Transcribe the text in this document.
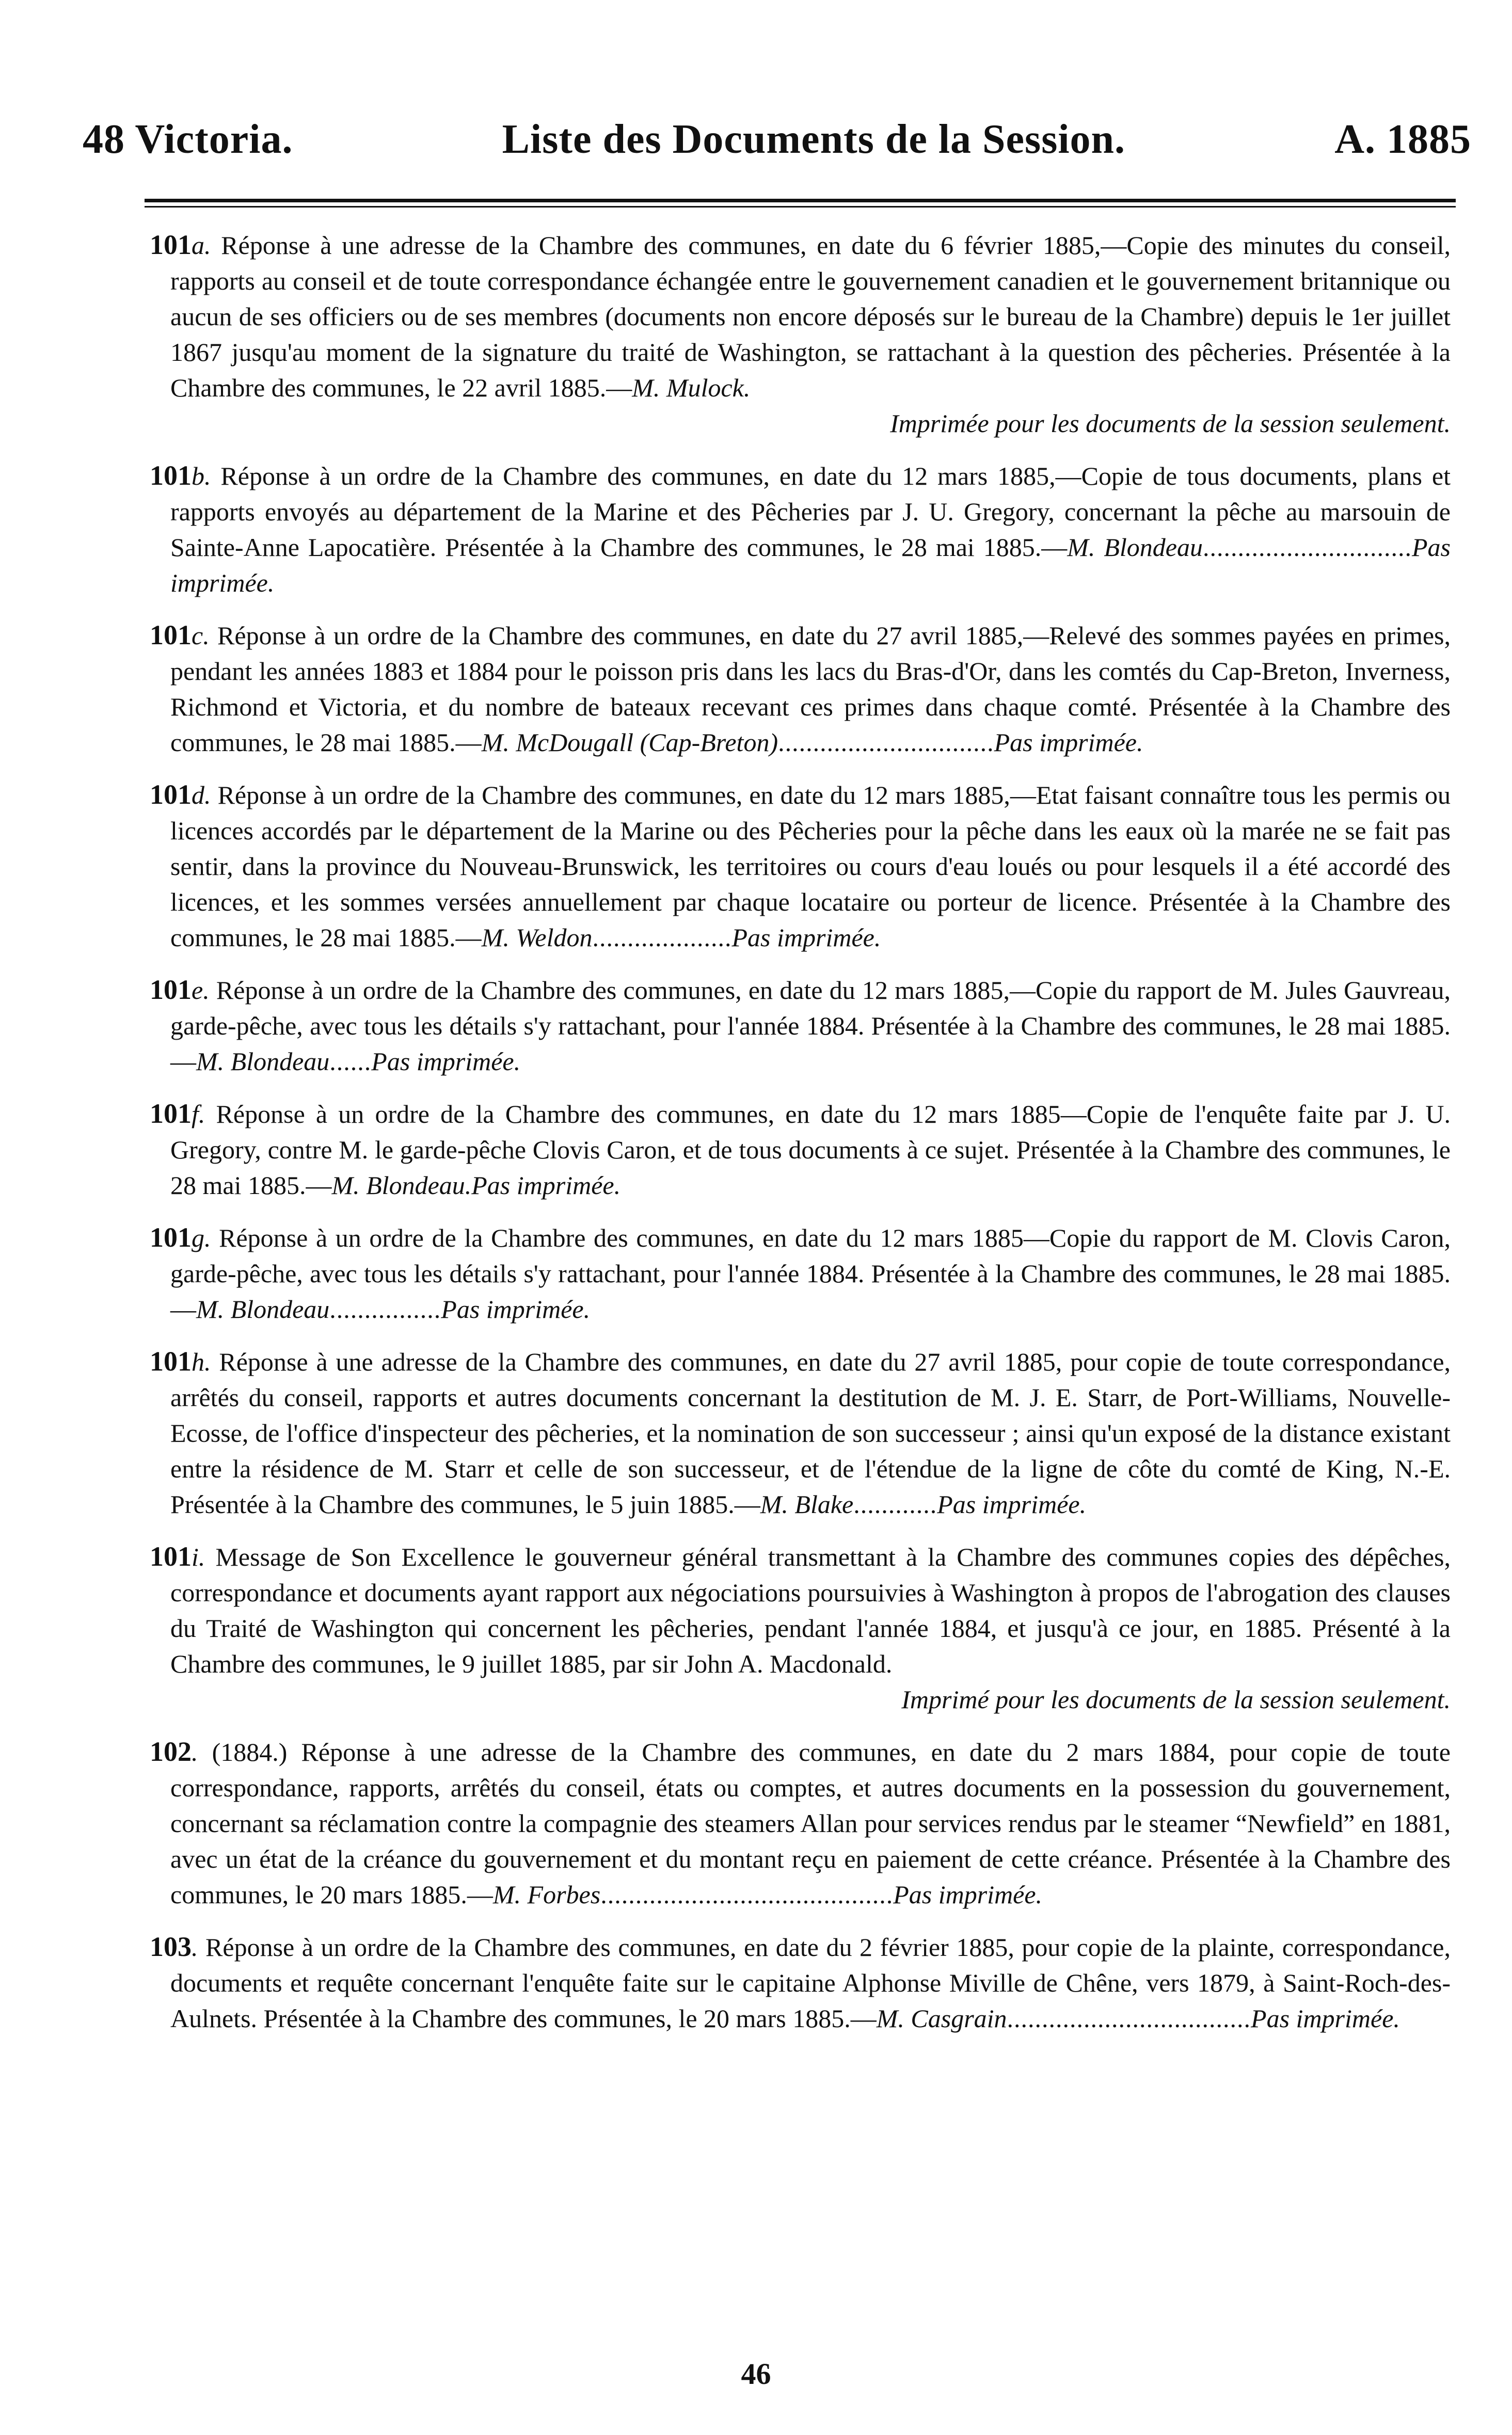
48 Victoria.	Liste des Documents de la Session.	A. 1885
101a. Réponse à une adresse de la Chambre des communes, en date du 6 février 1885,—Copie des minutes du conseil, rapports au conseil et de toute correspondance échangée entre le gouvernement canadien et le gouvernement britannique ou aucun de ses officiers ou de ses membres (documents non encore déposés sur le bureau de la Chambre) depuis le 1er juillet 1867 jusqu'au moment de la signature du traité de Washington, se rattachant à la question des pêcheries. Présentée à la Chambre des communes, le 22 avril 1885.—M. Mulock.
Imprimée pour les documents de la session seulement.
101b. Réponse à un ordre de la Chambre des communes, en date du 12 mars 1885,—Copie de tous documents, plans et rapports envoyés au département de la Marine et des Pêcheries par J. U. Gregory, concernant la pêche au marsouin de Sainte-Anne Lapocatière. Présentée à la Chambre des communes, le 28 mai 1885.—M. Blondeau..............................Pas imprimée.
101c. Réponse à un ordre de la Chambre des communes, en date du 27 avril 1885,—Relevé des sommes payées en primes, pendant les années 1883 et 1884 pour le poisson pris dans les lacs du Bras-d'Or, dans les comtés du Cap-Breton, Inverness, Richmond et Victoria, et du nombre de bateaux recevant ces primes dans chaque comté. Présentée à la Chambre des communes, le 28 mai 1885.—M. McDougall (Cap-Breton)...............................Pas imprimée.
101d. Réponse à un ordre de la Chambre des communes, en date du 12 mars 1885,—Etat faisant connaître tous les permis ou licences accordés par le département de la Marine ou des Pêcheries pour la pêche dans les eaux où la marée ne se fait pas sentir, dans la province du Nouveau-Brunswick, les territoires ou cours d'eau loués ou pour lesquels il a été accordé des licences, et les sommes versées annuellement par chaque locataire ou porteur de licence. Présentée à la Chambre des communes, le 28 mai 1885.—M. Weldon....................Pas imprimée.
101e. Réponse à un ordre de la Chambre des communes, en date du 12 mars 1885,—Copie du rapport de M. Jules Gauvreau, garde-pêche, avec tous les détails s'y rattachant, pour l'année 1884. Présentée à la Chambre des communes, le 28 mai 1885.—M. Blondeau......Pas imprimée.
101f. Réponse à un ordre de la Chambre des communes, en date du 12 mars 1885—Copie de l'enquête faite par J. U. Gregory, contre M. le garde-pêche Clovis Caron, et de tous documents à ce sujet. Présentée à la Chambre des communes, le 28 mai 1885.—M. Blondeau.Pas imprimée.
101g. Réponse à un ordre de la Chambre des communes, en date du 12 mars 1885—Copie du rapport de M. Clovis Caron, garde-pêche, avec tous les détails s'y rattachant, pour l'année 1884. Présentée à la Chambre des communes, le 28 mai 1885.—M. Blondeau................Pas imprimée.
101h. Réponse à une adresse de la Chambre des communes, en date du 27 avril 1885, pour copie de toute correspondance, arrêtés du conseil, rapports et autres documents concernant la destitution de M. J. E. Starr, de Port-Williams, Nouvelle-Ecosse, de l'office d'inspecteur des pêcheries, et la nomination de son successeur ; ainsi qu'un exposé de la distance existant entre la résidence de M. Starr et celle de son successeur, et de l'étendue de la ligne de côte du comté de King, N.-E. Présentée à la Chambre des communes, le 5 juin 1885.—M. Blake............Pas imprimée.
101i. Message de Son Excellence le gouverneur général transmettant à la Chambre des communes copies des dépêches, correspondance et documents ayant rapport aux négociations poursuivies à Washington à propos de l'abrogation des clauses du Traité de Washington qui concernent les pêcheries, pendant l'année 1884, et jusqu'à ce jour, en 1885. Présenté à la Chambre des communes, le 9 juillet 1885, par sir John A. Macdonald.
Imprimé pour les documents de la session seulement.
102. (1884.) Réponse à une adresse de la Chambre des communes, en date du 2 mars 1884, pour copie de toute correspondance, rapports, arrêtés du conseil, états ou comptes, et autres documents en la possession du gouvernement, concernant sa réclamation contre la compagnie des steamers Allan pour services rendus par le steamer “Newfield” en 1881, avec un état de la créance du gouvernement et du montant reçu en paiement de cette créance. Présentée à la Chambre des communes, le 20 mars 1885.—M. Forbes..........................................Pas imprimée.
103. Réponse à un ordre de la Chambre des communes, en date du 2 février 1885, pour copie de la plainte, correspondance, documents et requête concernant l'enquête faite sur le capitaine Alphonse Miville de Chêne, vers 1879, à Saint-Roch-des-Aulnets. Présentée à la Chambre des communes, le 20 mars 1885.—M. Casgrain...................................Pas imprimée.
46
